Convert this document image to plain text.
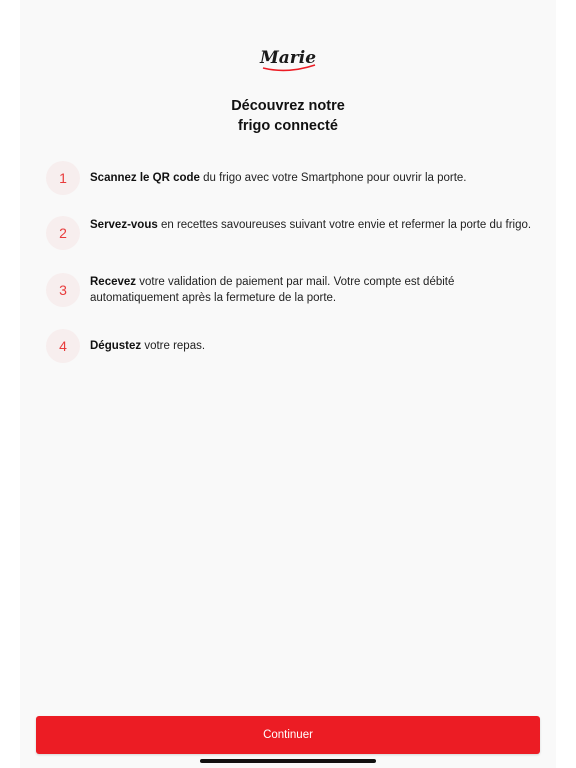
Marie
Découvrez notre
frigo connecté
1	Scannez le QR code du frigo avec votre Smartphone pour ouvrir la porte.
2	Servez-vous en recettes savoureuses suivant votre envie et refermer la porte du frigo.
3	Recevez votre validation de paiement par mail. Votre compte est débité automatiquement après la fermeture de la porte.
4	Dégustez votre repas.
Continuer
